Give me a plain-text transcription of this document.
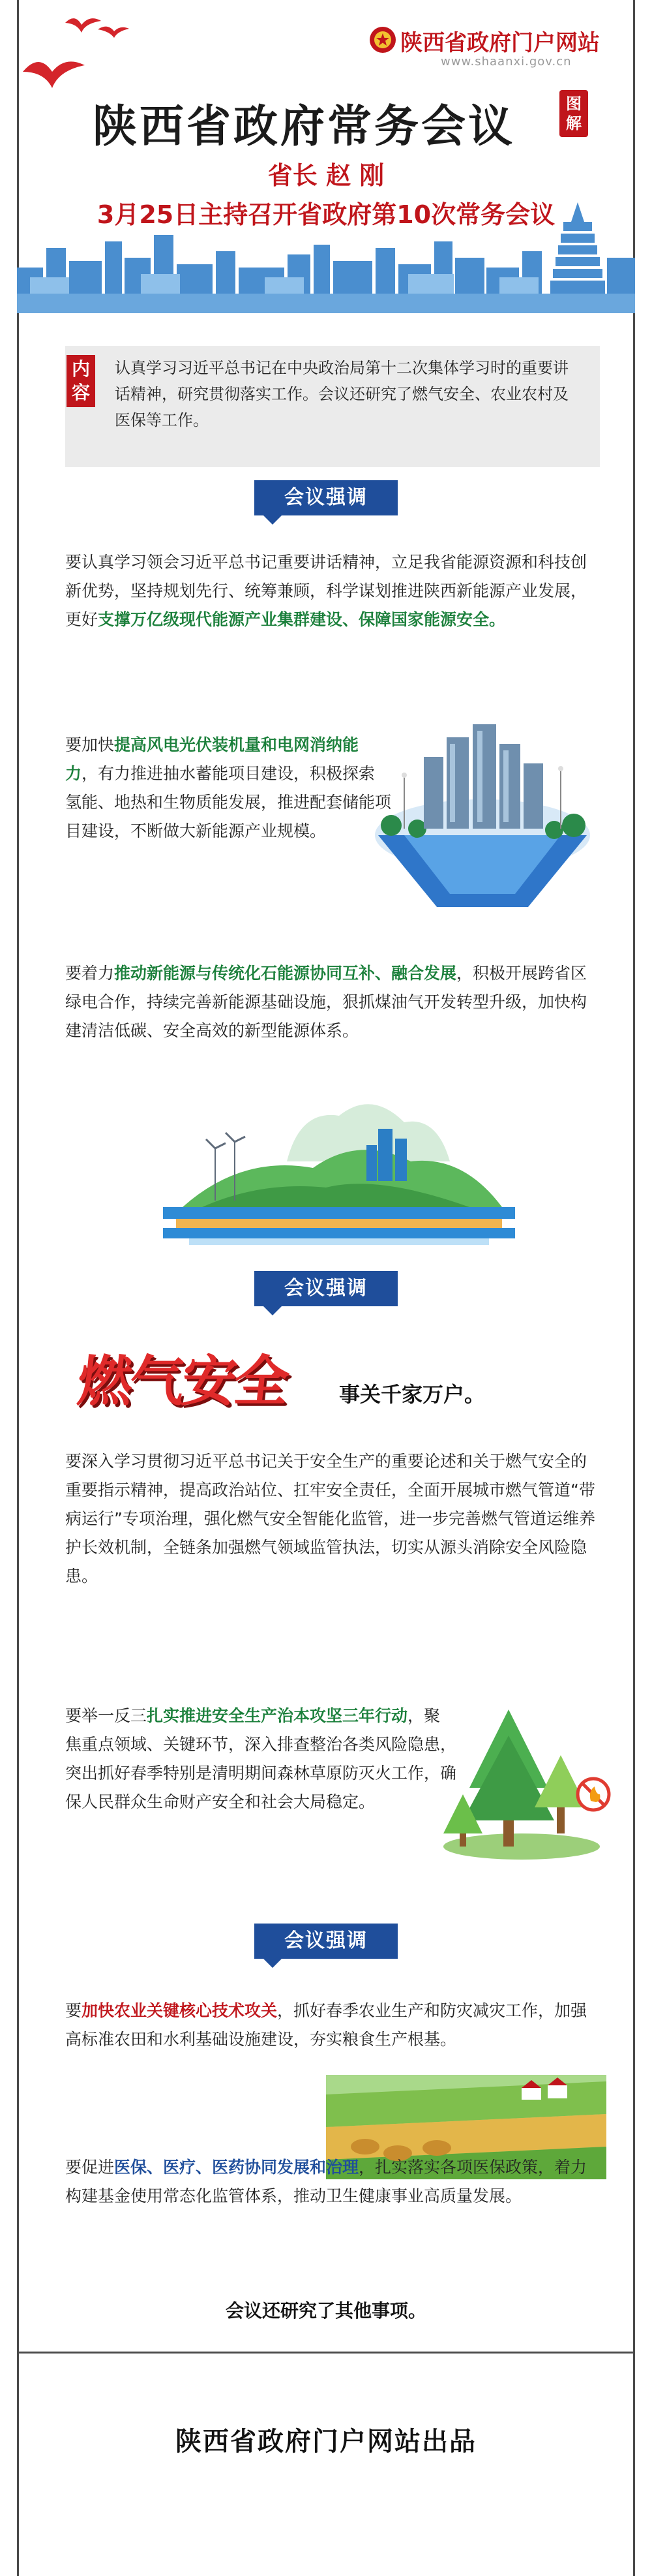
陕西省政府门户网站
www.shaanxi.gov.cn
陕西省政府常务会议	图解
省长 赵 刚
3月25日主持召开省政府第10次常务会议
内容
认真学习习近平总书记在中央政治局第十二次集体学习时的重要讲话精神，研究贯彻落实工作。会议还研究了燃气安全、农业农村及医保等工作。
会议强调
要认真学习领会习近平总书记重要讲话精神，立足我省能源资源和科技创新优势，坚持规划先行、统筹兼顾，科学谋划推进陕西新能源产业发展，更好支撑万亿级现代能源产业集群建设、保障国家能源安全。
要加快提高风电光伏装机量和电网消纳能力，有力推进抽水蓄能项目建设，积极探索氢能、地热和生物质能发展，推进配套储能项目建设，不断做大新能源产业规模。
要着力推动新能源与传统化石能源协同互补、融合发展，积极开展跨省区绿电合作，持续完善新能源基础设施，狠抓煤油气开发转型升级，加快构建清洁低碳、安全高效的新型能源体系。
会议强调
燃气安全 事关千家万户。
要深入学习贯彻习近平总书记关于安全生产的重要论述和关于燃气安全的重要指示精神，提高政治站位、扛牢安全责任，全面开展城市燃气管道“带病运行”专项治理，强化燃气安全智能化监管，进一步完善燃气管道运维养护长效机制，全链条加强燃气领域监管执法，切实从源头消除安全风险隐患。
要举一反三扎实推进安全生产治本攻坚三年行动，聚焦重点领域、关键环节，深入排查整治各类风险隐患，突出抓好春季特别是清明期间森林草原防灭火工作，确保人民群众生命财产安全和社会大局稳定。
会议强调
要加快农业关键核心技术攻关，抓好春季农业生产和防灾减灾工作，加强高标准农田和水利基础设施建设，夯实粮食生产根基。
要促进医保、医疗、医药协同发展和治理，扎实落实各项医保政策，着力构建基金使用常态化监管体系，推动卫生健康事业高质量发展。
会议还研究了其他事项。
陕西省政府门户网站出品
